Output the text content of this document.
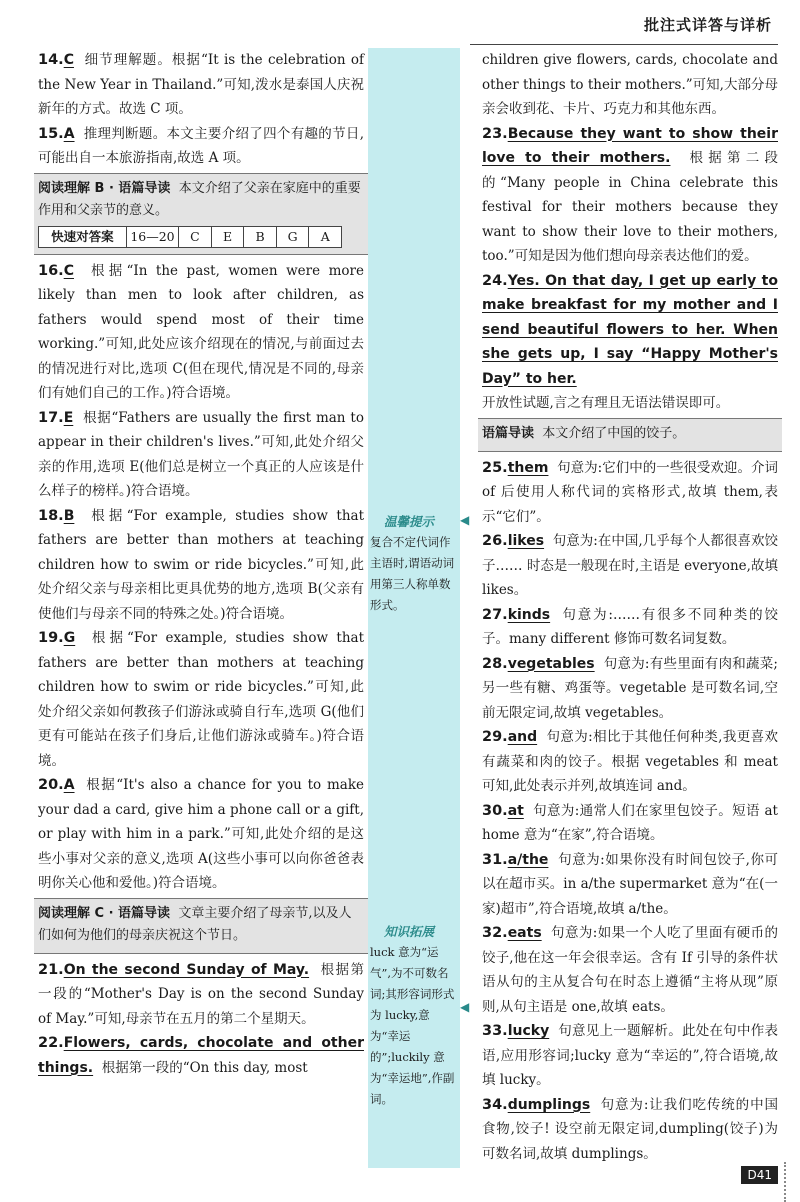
批注式详答与详析

14.C 细节理解题。根据“It is the celebration of the New Year in Thailand.”可知,泼水是泰国人庆祝新年的方式。故选 C 项。

15.A 推理判断题。本文主要介绍了四个有趣的节日,可能出自一本旅游指南,故选 A 项。

阅读理解 B · 语篇导读 本文介绍了父亲在家庭中的重要作用和父亲节的意义。
快速对答案	16—20	C	E	B	G	A

16.C 根据“In the past, women were more likely than men to look after children, as fathers would spend most of their time working.”可知,此处应该介绍现在的情况,与前面过去的情况进行对比,选项 C(但在现代,情况是不同的,母亲们有她们自己的工作。)符合语境。

17.E 根据“Fathers are usually the first man to appear in their children's lives.”可知,此处介绍父亲的作用,选项 E(他们总是树立一个真正的人应该是什么样子的榜样。)符合语境。

18.B 根据“For example, studies show that fathers are better than mothers at teaching children how to swim or ride bicycles.”可知,此处介绍父亲与母亲相比更具优势的地方,选项 B(父亲有使他们与母亲不同的特殊之处。)符合语境。

19.G 根据“For example, studies show that fathers are better than mothers at teaching children how to swim or ride bicycles.”可知,此处介绍父亲如何教孩子们游泳或骑自行车,选项 G(他们更有可能站在孩子们身后,让他们游泳或骑车。)符合语境。

20.A 根据“It's also a chance for you to make your dad a card, give him a phone call or a gift, or play with him in a park.”可知,此处介绍的是这些小事对父亲的意义,选项 A(这些小事可以向你爸爸表明你关心他和爱他。)符合语境。

阅读理解 C · 语篇导读 文章主要介绍了母亲节,以及人们如何为他们的母亲庆祝这个节日。

21.On the second Sunday of May. 根据第一段的“Mother's Day is on the second Sunday of May.”可知,母亲节在五月的第二个星期天。

22.Flowers, cards, chocolate and other things. 根据第一段的“On this day, most

温馨提示 ◀
复合不定代词作主语时,谓语动词用第三人称单数形式。
知识拓展
◀
luck 意为“运气”,为不可数名词;其形容词形式为 lucky,意为“幸运的”;luckily 意为“幸运地”,作副词。

children give flowers, cards, chocolate and other things to their mothers.”可知,大部分母亲会收到花、卡片、巧克力和其他东西。

23.Because they want to show their love to their mothers. 根据第二段的“Many people in China celebrate this festival for their mothers because they want to show their love to their mothers, too.”可知是因为他们想向母亲表达他们的爱。

24.Yes. On that day, I get up early to make breakfast for my mother and I send beautiful flowers to her. When she gets up, I say “Happy Mother's Day” to her.
开放性试题,言之有理且无语法错误即可。

语篇导读 本文介绍了中国的饺子。

25.them 句意为:它们中的一些很受欢迎。介词 of 后使用人称代词的宾格形式,故填 them,表示“它们”。

26.likes 句意为:在中国,几乎每个人都很喜欢饺子…… 时态是一般现在时,主语是 everyone,故填 likes。

27.kinds 句意为:……有很多不同种类的饺子。many different 修饰可数名词复数。

28.vegetables 句意为:有些里面有肉和蔬菜;另一些有糖、鸡蛋等。vegetable 是可数名词,空前无限定词,故填 vegetables。

29.and 句意为:相比于其他任何种类,我更喜欢有蔬菜和肉的饺子。根据 vegetables 和 meat 可知,此处表示并列,故填连词 and。

30.at 句意为:通常人们在家里包饺子。短语 at home 意为“在家”,符合语境。

31.a/the 句意为:如果你没有时间包饺子,你可以在超市买。in a/the supermarket 意为“在(一家)超市”,符合语境,故填 a/the。

32.eats 句意为:如果一个人吃了里面有硬币的饺子,他在这一年会很幸运。含有 If 引导的条件状语从句的主从复合句在时态上遵循“主将从现”原则,从句主语是 one,故填 eats。

33.lucky 句意见上一题解析。此处在句中作表语,应用形容词;lucky 意为“幸运的”,符合语境,故填 lucky。

34.dumplings 句意为:让我们吃传统的中国食物,饺子! 设空前无限定词,dumpling(饺子)为可数名词,故填 dumplings。

D41
